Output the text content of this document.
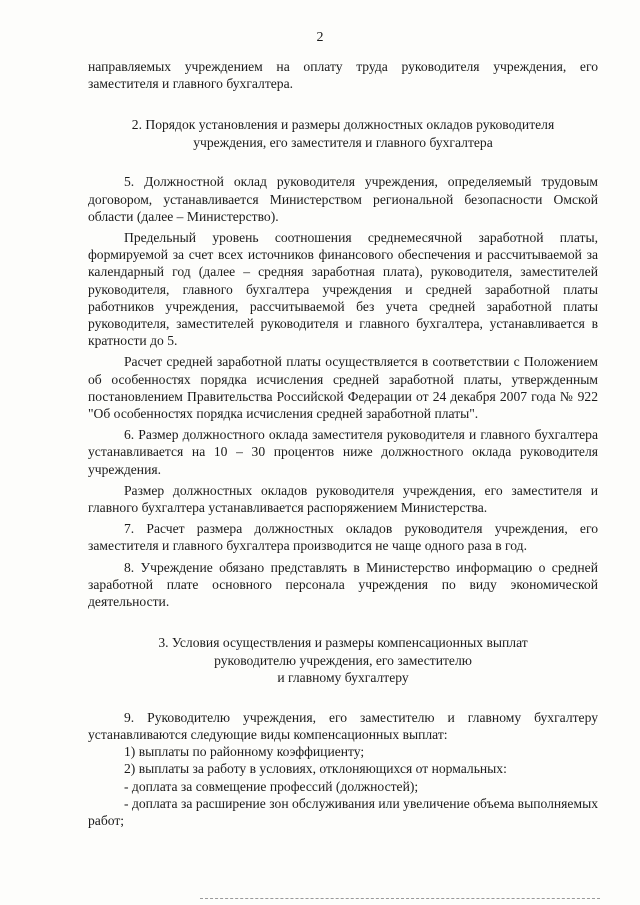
2

направляемых учреждением на оплату труда руководителя учреждения, его заместителя и главного бухгалтера.

2. Порядок установления и размеры должностных окладов руководителя
учреждения, его заместителя и главного бухгалтера

5. Должностной оклад руководителя учреждения, определяемый трудовым договором, устанавливается Министерством региональной безопасности Омской области (далее – Министерство).

Предельный уровень соотношения среднемесячной заработной платы, формируемой за счет всех источников финансового обеспечения и рассчитываемой за календарный год (далее – средняя заработная плата), руководителя, заместителей руководителя, главного бухгалтера учреждения и средней заработной платы работников учреждения, рассчитываемой без учета средней заработной платы руководителя, заместителей руководителя и главного бухгалтера, устанавливается в кратности до 5.

Расчет средней заработной платы осуществляется в соответствии с Положением об особенностях порядка исчисления средней заработной платы, утвержденным постановлением Правительства Российской Федерации от 24 декабря 2007 года № 922 "Об особенностях порядка исчисления средней заработной платы".

6. Размер должностного оклада заместителя руководителя и главного бухгалтера устанавливается на 10 – 30 процентов ниже должностного оклада руководителя учреждения.

Размер должностных окладов руководителя учреждения, его заместителя и главного бухгалтера устанавливается распоряжением Министерства.

7. Расчет размера должностных окладов руководителя учреждения, его заместителя и главного бухгалтера производится не чаще одного раза в год.

8. Учреждение обязано представлять в Министерство информацию о средней заработной плате основного персонала учреждения по виду экономической деятельности.

3. Условия осуществления и размеры компенсационных выплат
руководителю учреждения, его заместителю
и главному бухгалтеру

9. Руководителю учреждения, его заместителю и главному бухгалтеру устанавливаются следующие виды компенсационных выплат:

1) выплаты по районному коэффициенту;

2) выплаты за работу в условиях, отклоняющихся от нормальных:

- доплата за совмещение профессий (должностей);

- доплата за расширение зон обслуживания или увеличение объема выполняемых работ;
